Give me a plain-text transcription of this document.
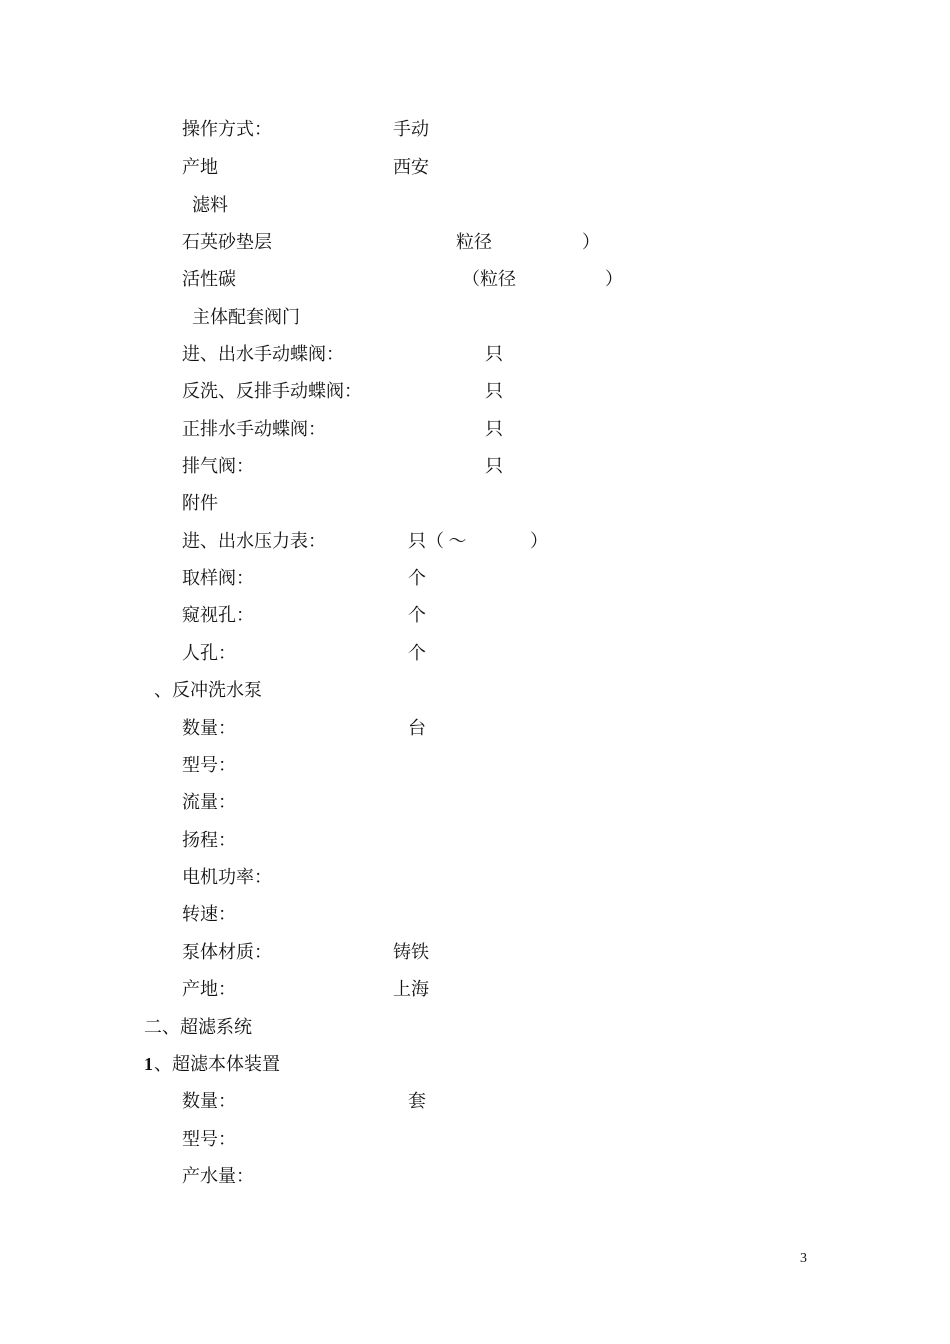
操作方式：	手动
产地	西安
滤料
石英砂垫层	粒径	）
活性碳	（粒径	）
主体配套阀门
进、出水手动蝶阀：	只
反洗、反排手动蝶阀：	只
正排水手动蝶阀：	只
排气阀：	只
附件
进、出水压力表：	只（ ～	）
取样阀：	个
窥视孔：	个
人孔：	个
、反冲洗水泵
数量：	台
型号：
流量：
扬程：
电机功率：
转速：
泵体材质：	铸铁
产地：	上海
二、超滤系统
1 、超滤本体装置
数量：	套
型号：
产水量：
3
